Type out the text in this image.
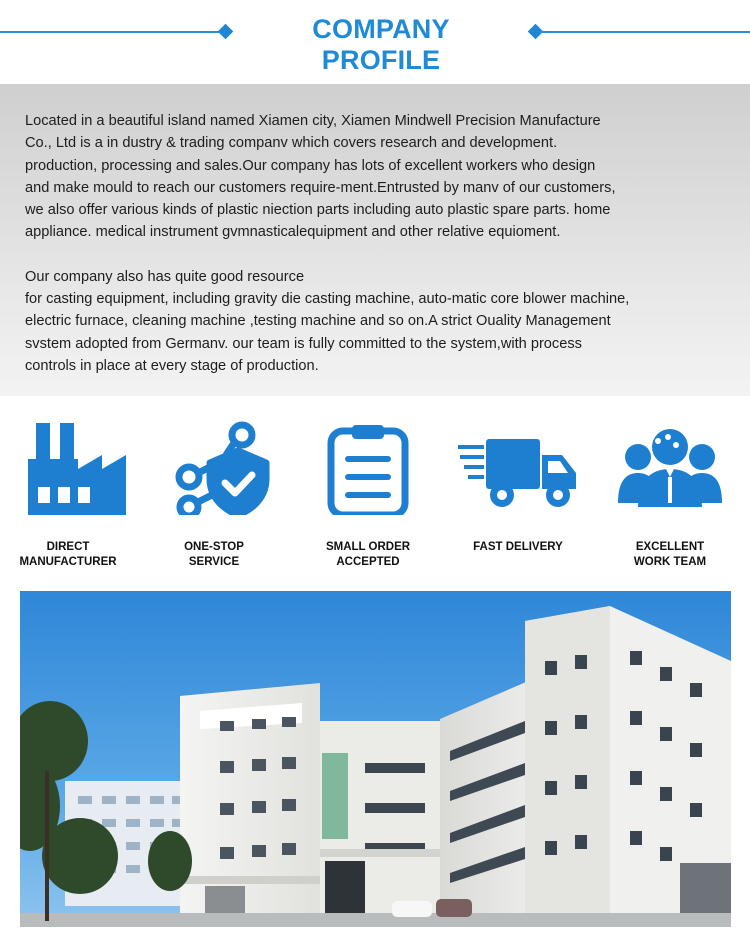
COMPANY PROFILE

Located in a beautiful island named Xiamen city, Xiamen Mindwell Precision Manufacture
Co., Ltd is a in dustry & trading companv which covers research and development.
production, processing and sales.Our company has lots of excellent workers who design
and make mould to reach our customers require-ment.Entrusted by manv of our customers,
we also offer various kinds of plastic niection parts including auto plastic spare parts. home
appliance. medical instrument gvmnasticalequipment and other relative equioment.

Our company also has quite good resource
for casting equipment, including gravity die casting machine, auto-matic core blower machine,
electric furnace, cleaning machine ,testing machine and so on.A strict Ouality Management
svstem adopted from Germanv. our team is fully committed to the system,with process
controls in place at every stage of production.

DIRECT
MANUFACTURER
ONE-STOP
SERVICE
SMALL ORDER
ACCEPTED
FAST DELIVERY	EXCELLENT
WORK TEAM
